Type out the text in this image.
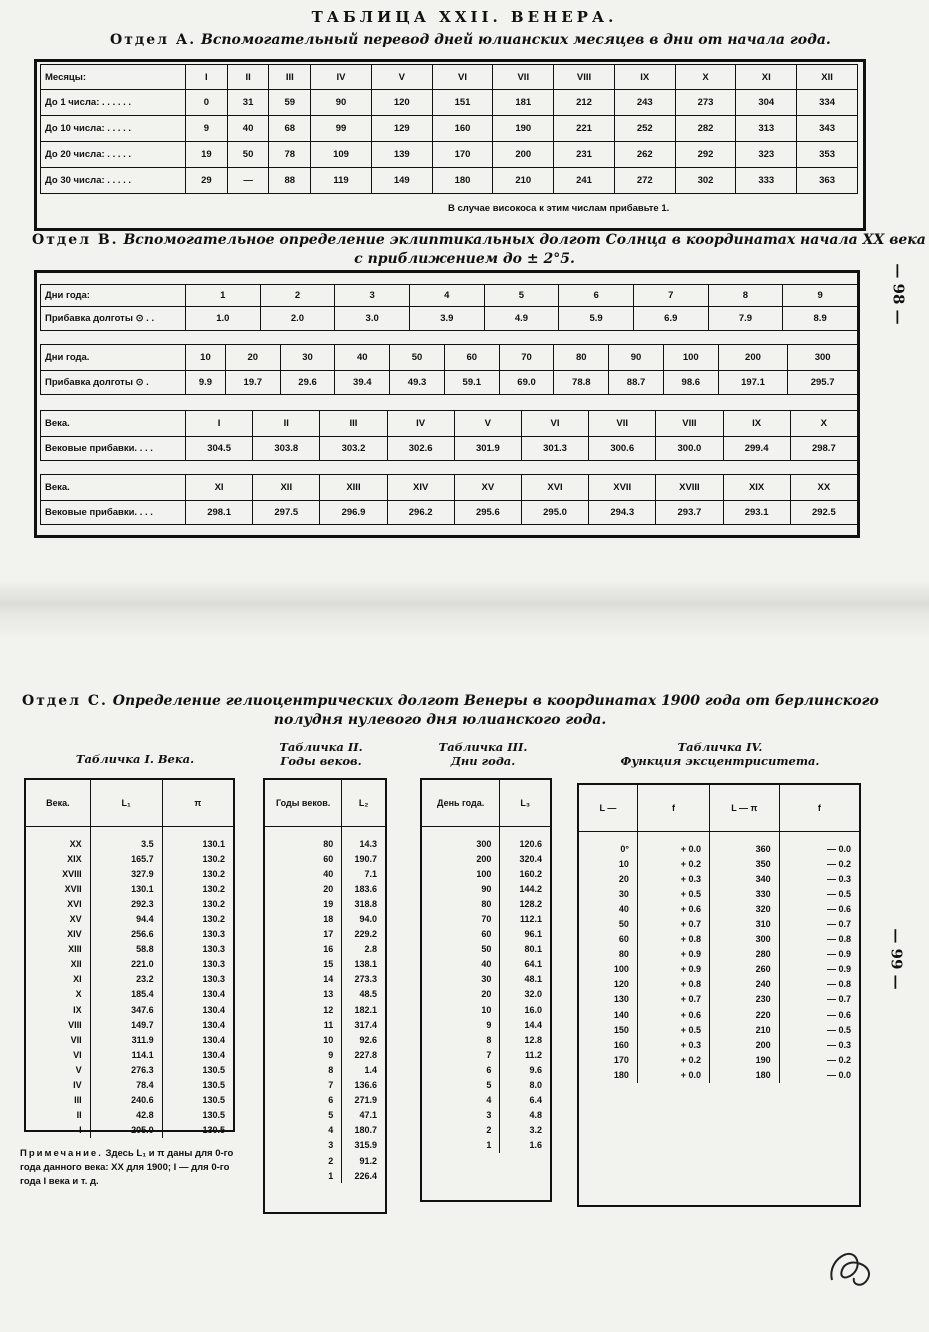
ТАБЛИЦА XXII. ВЕНЕРА.
Отдел А. Вспомогательный перевод дней юлианских месяцев в дни от начала года.
Месяцы:	I	II	III	IV	V	VI	VII	VIII	IX	X	XI	XII
До 1 числа: . . . . . .	0	31	59	90	120	151	181	212	243	273	304	334
До 10 числа: . . . . .	9	40	68	99	129	160	190	221	252	282	313	343
До 20 числа: . . . . .	19	50	78	109	139	170	200	231	262	292	323	353
До 30 числа: . . . . .	29	—	88	119	149	180	210	241	272	302	333	363
В случае високоса к этим числам прибавьте 1.
Отдел В. Вспомогательное определение эклиптикальных долгот Солнца в координатах начала XX века
с приближением до ± 2°5.
Дни года:	1	2	3	4	5	6	7	8	9
Прибавка долготы ⊙ . .	1.0	2.0	3.0	3.9	4.9	5.9	6.9	7.9	8.9
Дни года.	10	20	30	40	50	60	70	80	90	100	200	300
Прибавка долготы ⊙ .	9.9	19.7	29.6	39.4	49.3	59.1	69.0	78.8	88.7	98.6	197.1	295.7
Века.	I	II	III	IV	V	VI	VII	VIII	IX	X
Вековые прибавки. . . .	304.5	303.8	303.2	302.6	301.9	301.3	300.6	300.0	299.4	298.7
Века.	XI	XII	XIII	XIV	XV	XVI	XVII	XVIII	XIX	XX
Вековые прибавки. . . .	298.1	297.5	296.9	296.2	295.6	295.0	294.3	293.7	293.1	292.5
— 98 —
Отдел С. Определение гелиоцентрических долгот Венеры в координатах 1900 года от берлинского
полудня нулевого дня юлианского года.
Табличка I. Века.
Табличка II.
Годы веков.
Табличка III.
Дни года.
Табличка IV.
Функция эксцентриситета.
Века.	L₁	π
XX	3.5	130.1
XIX	165.7	130.2
XVIII	327.9	130.2
XVII	130.1	130.2
XVI	292.3	130.2
XV	94.4	130.2
XIV	256.6	130.3
XIII	58.8	130.3
XII	221.0	130.3
XI	23.2	130.3
X	185.4	130.4
IX	347.6	130.4
VIII	149.7	130.4
VII	311.9	130.4
VI	114.1	130.4
V	276.3	130.5
IV	78.4	130.5
III	240.6	130.5
II	42.8	130.5
I	205.0	130.5
Годы веков.	L₂
80	14.3
60	190.7
40	7.1
20	183.6
19	318.8
18	94.0
17	229.2
16	2.8
15	138.1
14	273.3
13	48.5
12	182.1
11	317.4
10	92.6
9	227.8
8	1.4
7	136.6
6	271.9
5	47.1
4	180.7
3	315.9
2	91.2
1	226.4
День года.	L₃
300	120.6
200	320.4
100	160.2
90	144.2
80	128.2
70	112.1
60	96.1
50	80.1
40	64.1
30	48.1
20	32.0
10	16.0
9	14.4
8	12.8
7	11.2
6	9.6
5	8.0
4	6.4
3	4.8
2	3.2
1	1.6
L —	f	L — π	f
0°	+ 0.0	360	— 0.0
10	+ 0.2	350	— 0.2
20	+ 0.3	340	— 0.3
30	+ 0.5	330	— 0.5
40	+ 0.6	320	— 0.6
50	+ 0.7	310	— 0.7
60	+ 0.8	300	— 0.8
80	+ 0.9	280	— 0.9
100	+ 0.9	260	— 0.9
120	+ 0.8	240	— 0.8
130	+ 0.7	230	— 0.7
140	+ 0.6	220	— 0.6
150	+ 0.5	210	— 0.5
160	+ 0.3	200	— 0.3
170	+ 0.2	190	— 0.2
180	+ 0.0	180	— 0.0
Примечание. Здесь L₁ и π даны для 0-го года данного века: XX для 1900; I — для 0-го года I века и т. д.
— 99 —
